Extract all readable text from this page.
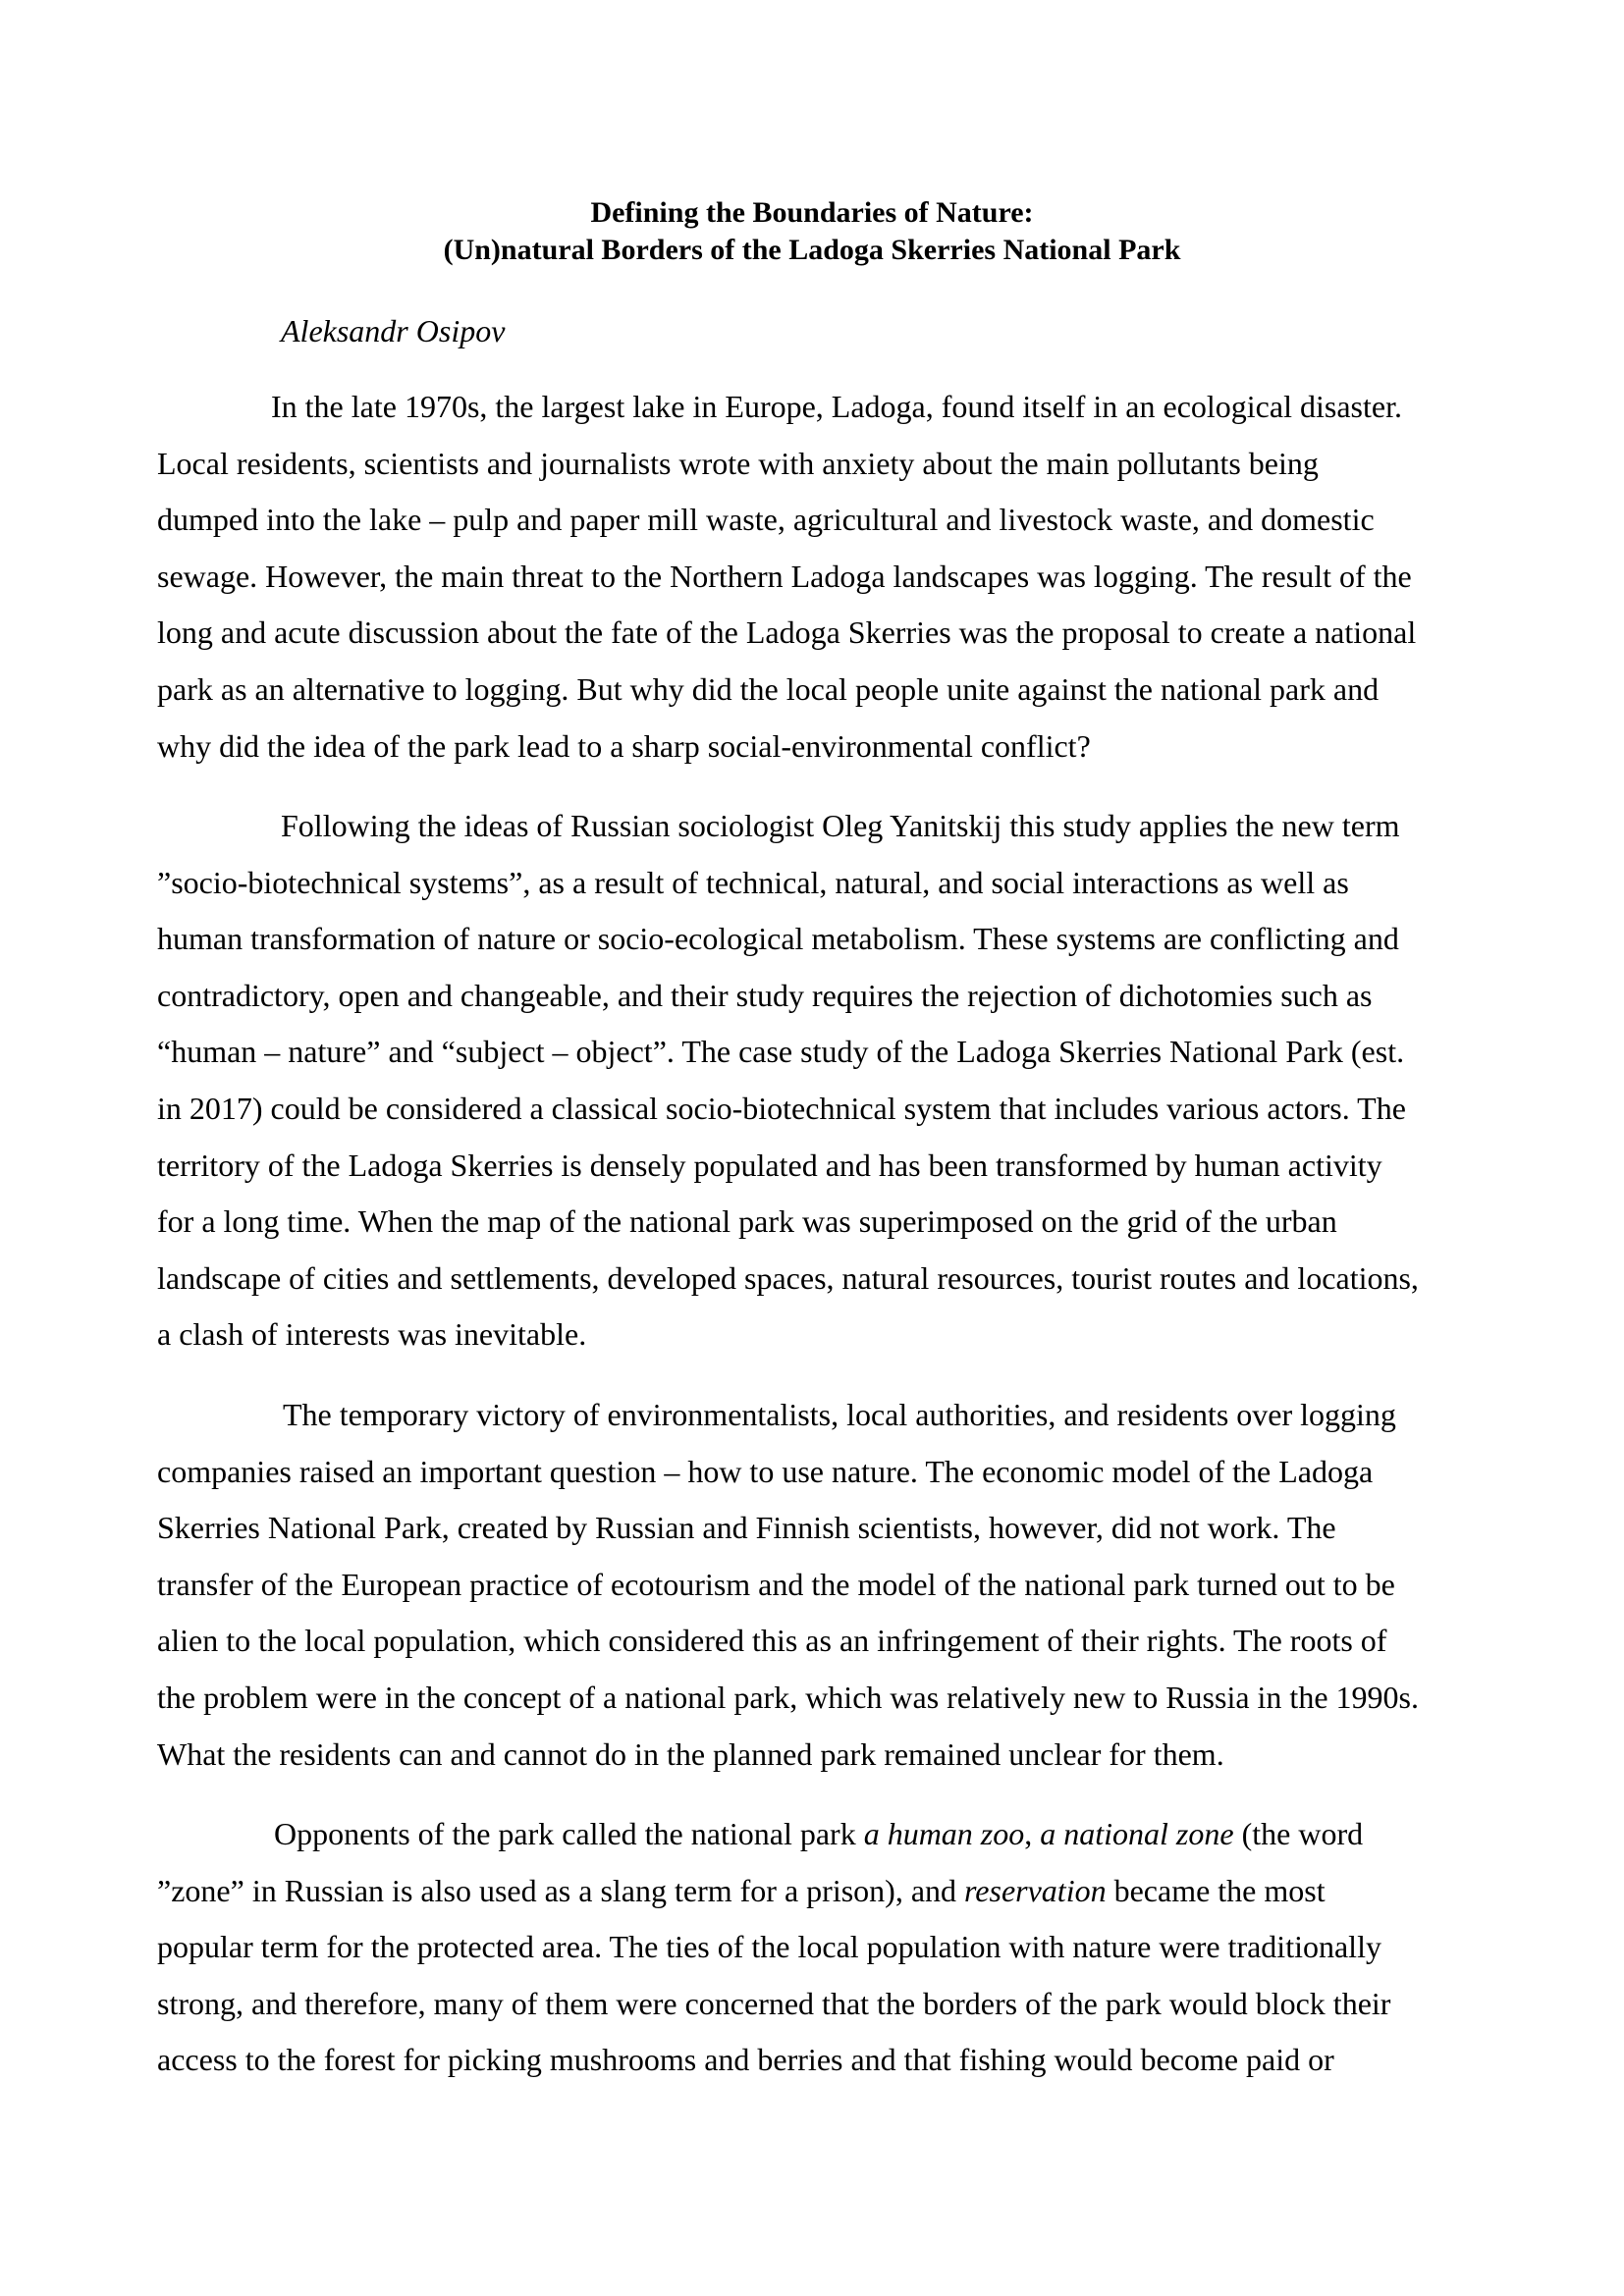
Defining the Boundaries of Nature:
(Un)natural Borders of the Ladoga Skerries National Park

Aleksandr Osipov

In the late 1970s, the largest lake in Europe, Ladoga, found itself in an ecological disaster.
Local residents, scientists and journalists wrote with anxiety about the main pollutants being
dumped into the lake – pulp and paper mill waste, agricultural and livestock waste, and domestic
sewage. However, the main threat to the Northern Ladoga landscapes was logging. The result of the
long and acute discussion about the fate of the Ladoga Skerries was the proposal to create a national
park as an alternative to logging. But why did the local people unite against the national park and
why did the idea of the park lead to a sharp social-environmental conflict?
Following the ideas of Russian sociologist Oleg Yanitskij this study applies the new term
”socio-biotechnical systems”, as a result of technical, natural, and social interactions as well as
human transformation of nature or socio-ecological metabolism. These systems are conflicting and
contradictory, open and changeable, and their study requires the rejection of dichotomies such as
“human – nature” and “subject – object”. The case study of the Ladoga Skerries National Park (est.
in 2017) could be considered a classical socio-biotechnical system that includes various actors. The
territory of the Ladoga Skerries is densely populated and has been transformed by human activity
for a long time. When the map of the national park was superimposed on the grid of the urban
landscape of cities and settlements, developed spaces, natural resources, tourist routes and locations,
a clash of interests was inevitable.
The temporary victory of environmentalists, local authorities, and residents over logging
companies raised an important question – how to use nature. The economic model of the Ladoga
Skerries National Park, created by Russian and Finnish scientists, however, did not work. The
transfer of the European practice of ecotourism and the model of the national park turned out to be
alien to the local population, which considered this as an infringement of their rights. The roots of
the problem were in the concept of a national park, which was relatively new to Russia in the 1990s.
What the residents can and cannot do in the planned park remained unclear for them.
Opponents of the park called the national park a human zoo, a national zone (the word
”zone” in Russian is also used as a slang term for a prison), and reservation became the most
popular term for the protected area. The ties of the local population with nature were traditionally
strong, and therefore, many of them were concerned that the borders of the park would block their
access to the forest for picking mushrooms and berries and that fishing would become paid or
